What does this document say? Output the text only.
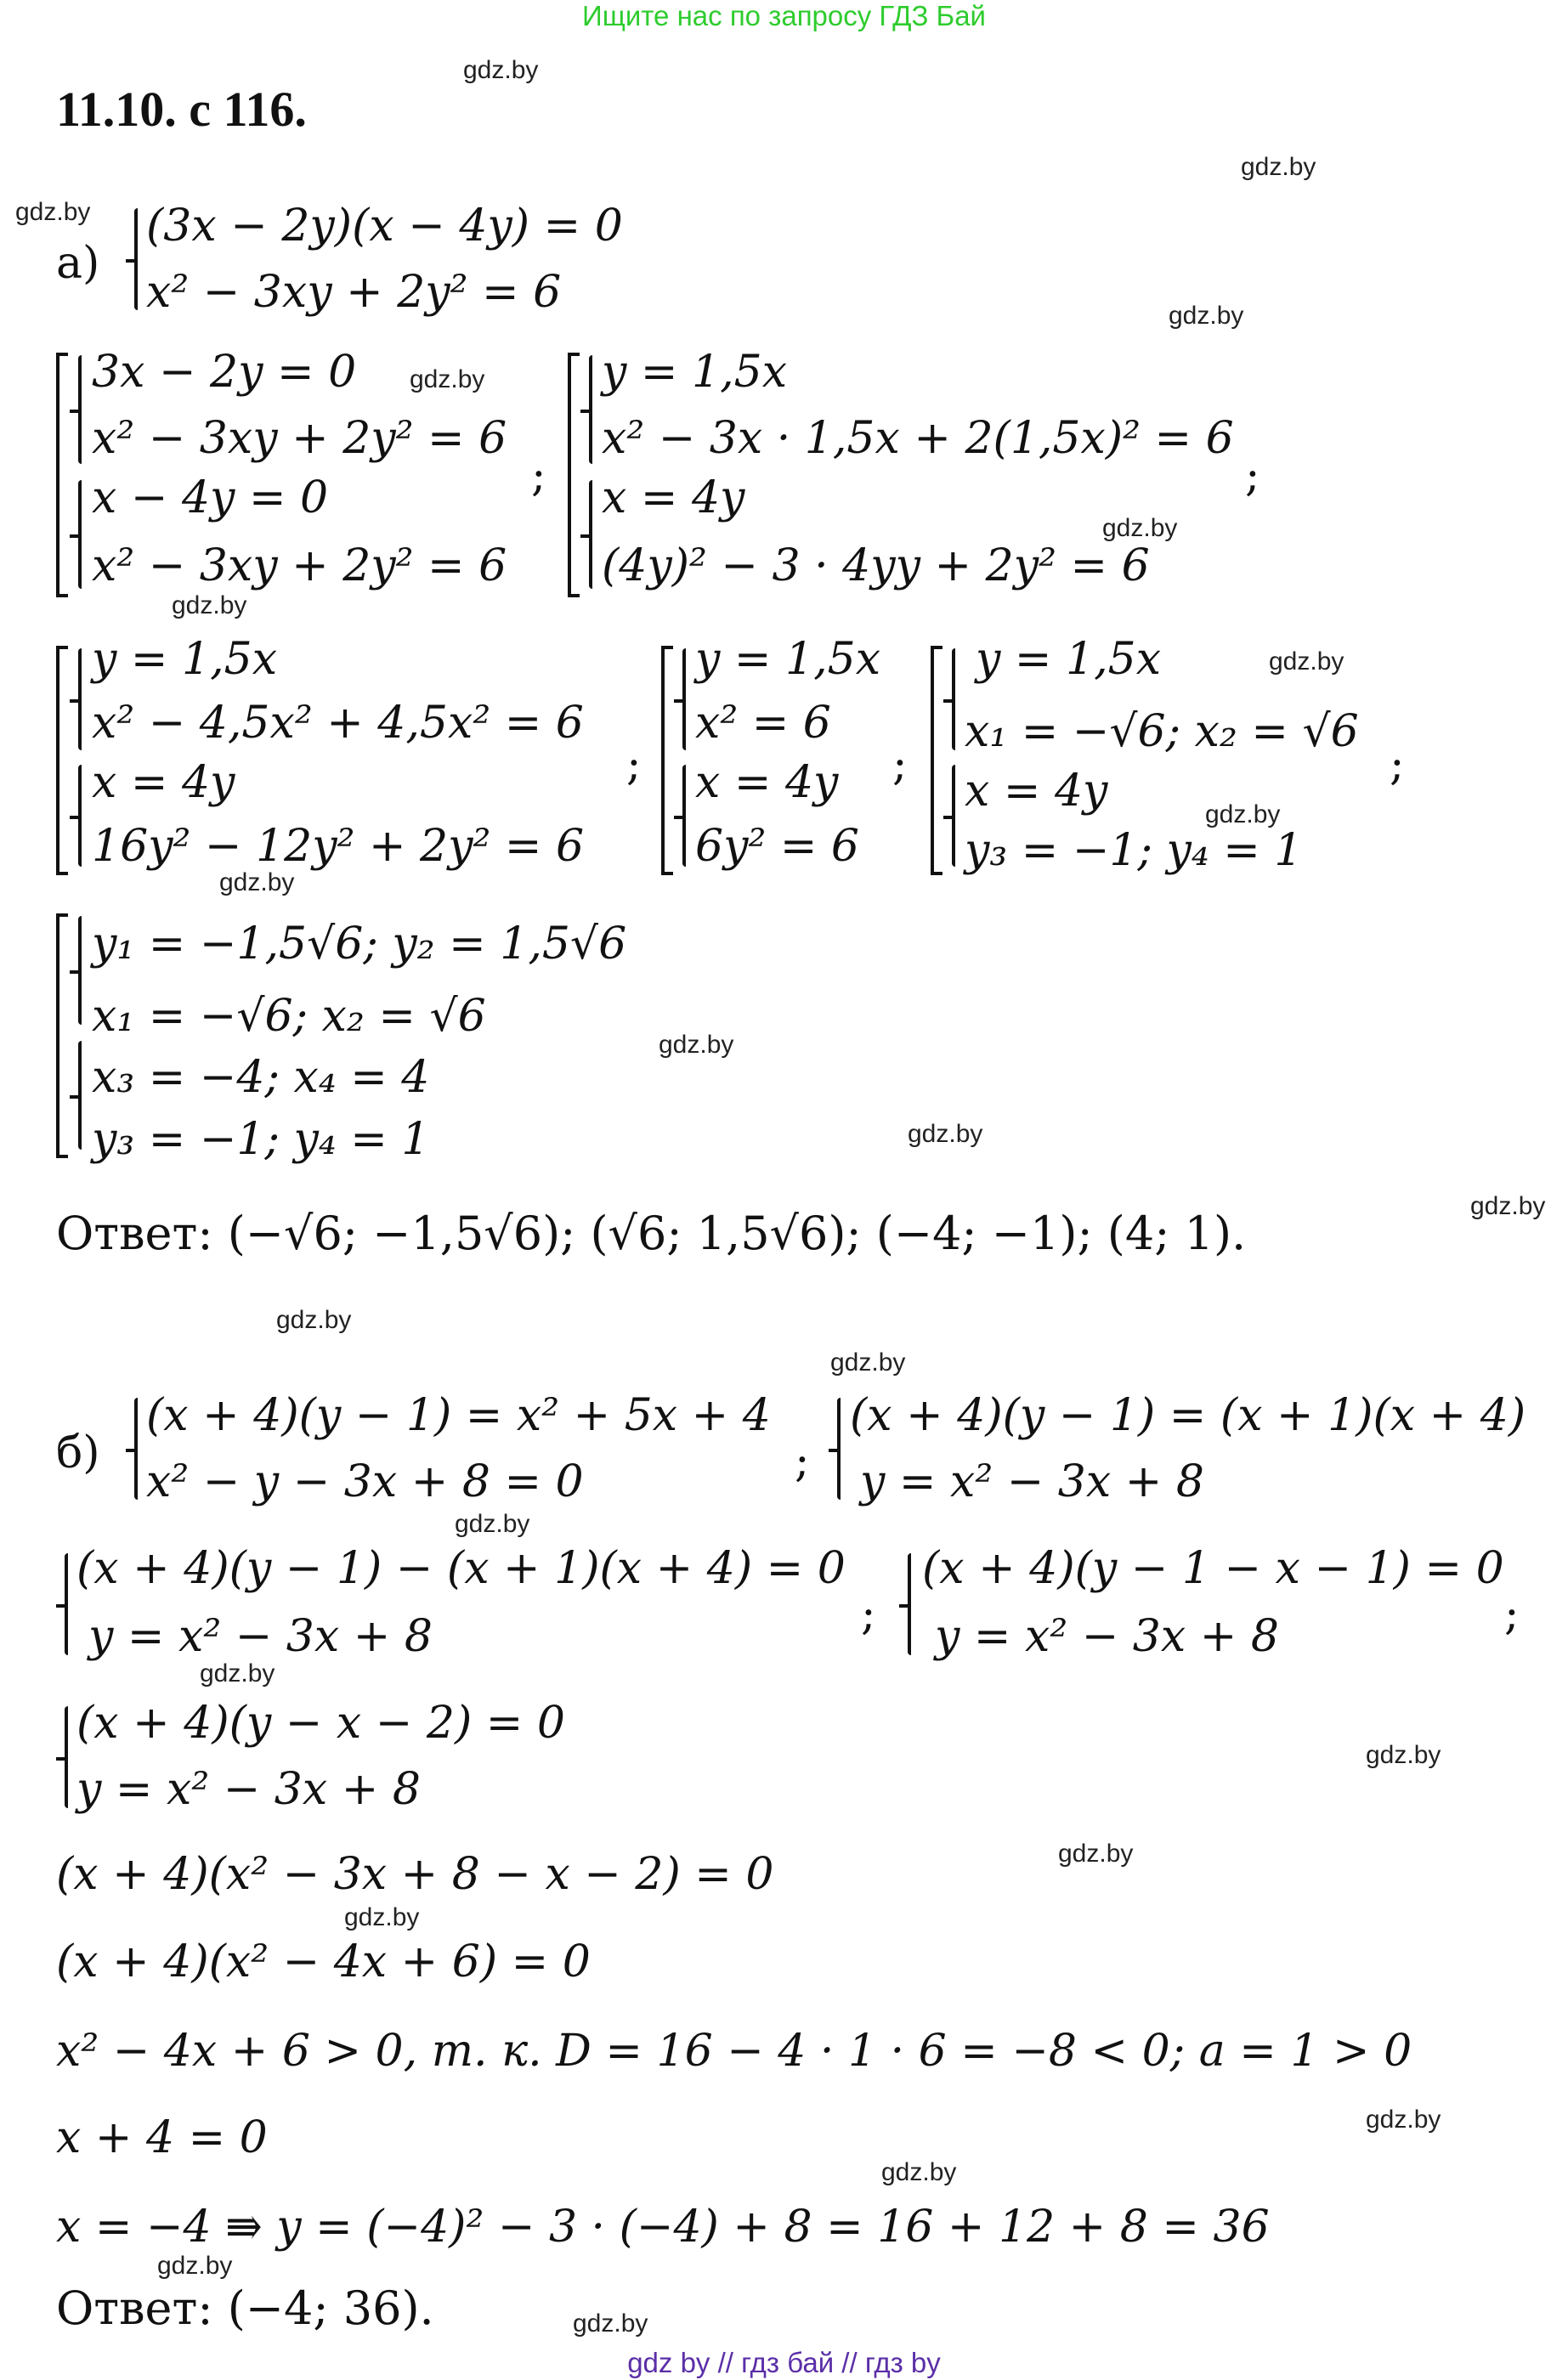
Ищите нас по запросу ГДЗ Бай
gdz by // гдз бай // гдз by
gdz.by
gdz.by
gdz.by
gdz.by
gdz.by
gdz.by
gdz.by
gdz.by
gdz.by
gdz.by
gdz.by
gdz.by
gdz.by
gdz.by
gdz.by
gdz.by
gdz.by
gdz.by
gdz.by
gdz.by
gdz.by
gdz.by
gdz.by
gdz.by
11.10. с 116.
а)
(3x − 2y)(x − 4y) = 0
x² − 3xy + 2y² = 6
3x − 2y = 0
x² − 3xy + 2y² = 6
x − 4y = 0
x² − 3xy + 2y² = 6
;
y = 1,5x
x² − 3x · 1,5x + 2(1,5x)² = 6
x = 4y
(4y)² − 3 · 4yy + 2y² = 6
;
y = 1,5x
x² − 4,5x² + 4,5x² = 6
x = 4y
16y² − 12y² + 2y² = 6
;
y = 1,5x
x² = 6
x = 4y
6y² = 6
;
y = 1,5x
x₁ = −√6; x₂ = √6
x = 4y
y₃ = −1; y₄ = 1
;
y₁ = −1,5√6; y₂ = 1,5√6
x₁ = −√6; x₂ = √6
x₃ = −4; x₄ = 4
y₃ = −1; y₄ = 1
Ответ: (−√6; −1,5√6); (√6; 1,5√6); (−4; −1); (4; 1).
б)
(x + 4)(y − 1) = x² + 5x + 4
x² − y − 3x + 8 = 0	;
(x + 4)(y − 1) = (x + 1)(x + 4)
y = x² − 3x + 8
(x + 4)(y − 1) − (x + 1)(x + 4) = 0
y = x² − 3x + 8	;
(x + 4)(y − 1 − x − 1) = 0
y = x² − 3x + 8	;
(x + 4)(y − x − 2) = 0
y = x² − 3x + 8
(x + 4)(x² − 3x + 8 − x − 2) = 0
(x + 4)(x² − 4x + 6) = 0
x² − 4x + 6 > 0, т. к. D = 16 − 4 · 1 · 6 = −8 < 0; a = 1 > 0
x + 4 = 0
x = −4 ⇛ y = (−4)² − 3 · (−4) + 8 = 16 + 12 + 8 = 36
Ответ: (−4; 36).
